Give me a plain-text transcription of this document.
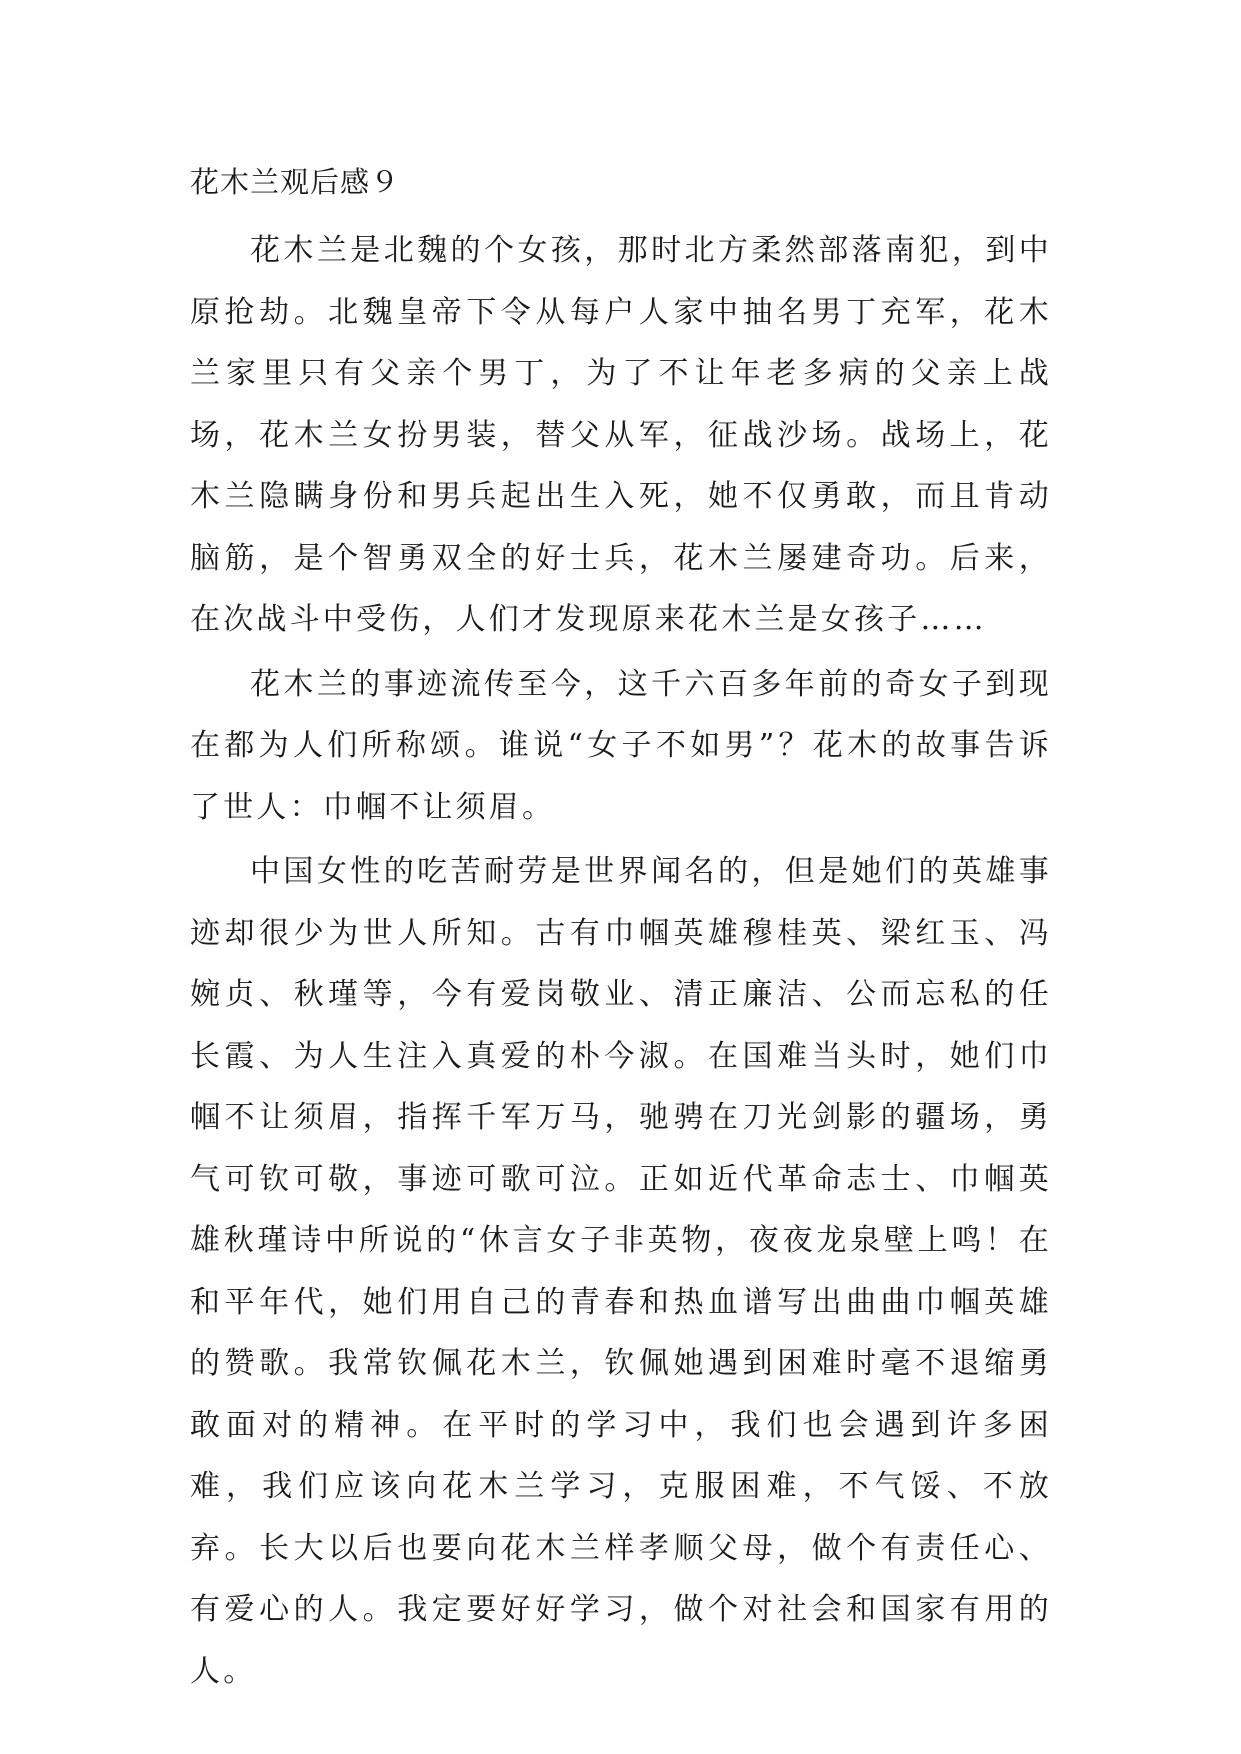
花木兰观后感９

花木兰是北魏的个女孩，那时北方柔然部落南犯，到中原抢劫。北魏皇帝下令从每户人家中抽名男丁充军，花木兰家里只有父亲个男丁，为了不让年老多病的父亲上战场，花木兰女扮男装，替父从军，征战沙场。战场上，花木兰隐瞒身份和男兵起出生入死，她不仅勇敢，而且肯动脑筋，是个智勇双全的好士兵，花木兰屡建奇功。后来，在次战斗中受伤，人们才发现原来花木兰是女孩子……

花木兰的事迹流传至今，这千六百多年前的奇女子到现在都为人们所称颂。谁说“女子不如男”？花木的故事告诉了世人：巾帼不让须眉。

中国女性的吃苦耐劳是世界闻名的，但是她们的英雄事迹却很少为世人所知。古有巾帼英雄穆桂英、梁红玉、冯婉贞、秋瑾等，今有爱岗敬业、清正廉洁、公而忘私的任长霞、为人生注入真爱的朴今淑。在国难当头时，她们巾帼不让须眉，指挥千军万马，驰骋在刀光剑影的疆场，勇气可钦可敬，事迹可歌可泣。正如近代革命志士、巾帼英雄秋瑾诗中所说的“休言女子非英物，夜夜龙泉壁上鸣！在和平年代，她们用自己的青春和热血谱写出曲曲巾帼英雄的赞歌。我常钦佩花木兰，钦佩她遇到困难时毫不退缩勇敢面对的精神。在平时的学习中，我们也会遇到许多困难，我们应该向花木兰学习，克服困难，不气馁、不放弃。长大以后也要向花木兰样孝顺父母，做个有责任心、有爱心的人。我定要好好学习，做个对社会和国家有用的人。
